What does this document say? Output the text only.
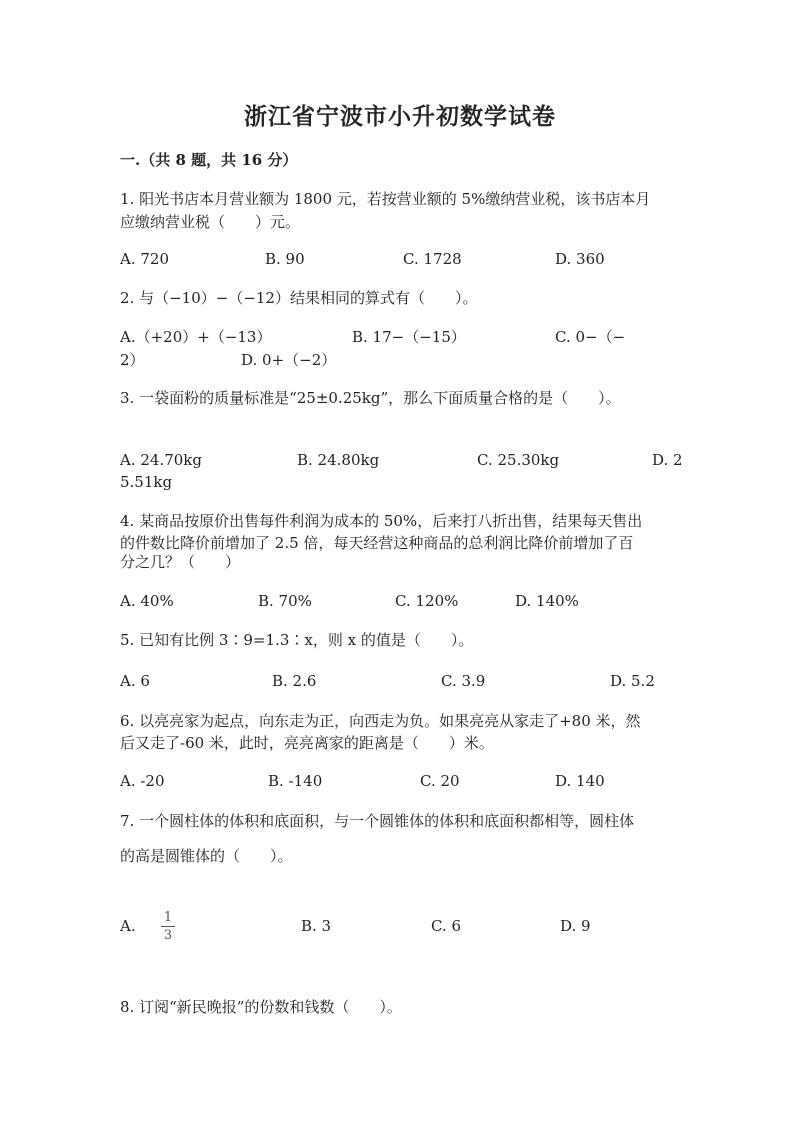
浙江省宁波市小升初数学试卷
一.（共 8 题，共 16 分）
1. 阳光书店本月营业额为 1800 元，若按营业额的 5%缴纳营业税，该书店本月
应缴纳营业税（　　）元。
A. 720	B. 90	C. 1728	D. 360
2. 与（−10）−（−12）结果相同的算式有（　　）。
A.（+20）+（−13）	B. 17−（−15）	C. 0−（−
2）	D. 0+（−2）
3. 一袋面粉的质量标准是“25±0.25kg”，那么下面质量合格的是（　　）。
A. 24.70kg	B. 24.80kg	C. 25.30kg	D. 2
5.51kg
4. 某商品按原价出售每件利润为成本的 50%，后来打八折出售，结果每天售出
的件数比降价前增加了 2.5 倍，每天经营这种商品的总利润比降价前增加了百
分之几？（　　）
A. 40%	B. 70%	C. 120%	D. 140%
5. 已知有比例 3∶9=1.3∶x，则 x 的值是（　　）。
A. 6	B. 2.6	C. 3.9	D. 5.2
6. 以亮亮家为起点，向东走为正，向西走为负。如果亮亮从家走了+80 米，然
后又走了-60 米，此时，亮亮离家的距离是（　　）米。
A. -20	B. -140	C. 20	D. 140
7. 一个圆柱体的体积和底面积，与一个圆锥体的体积和底面积都相等，圆柱体
的高是圆锥体的（　　）。
A. 1
3
B. 3	C. 6	D. 9
8. 订阅“新民晚报”的份数和钱数（　　）。
